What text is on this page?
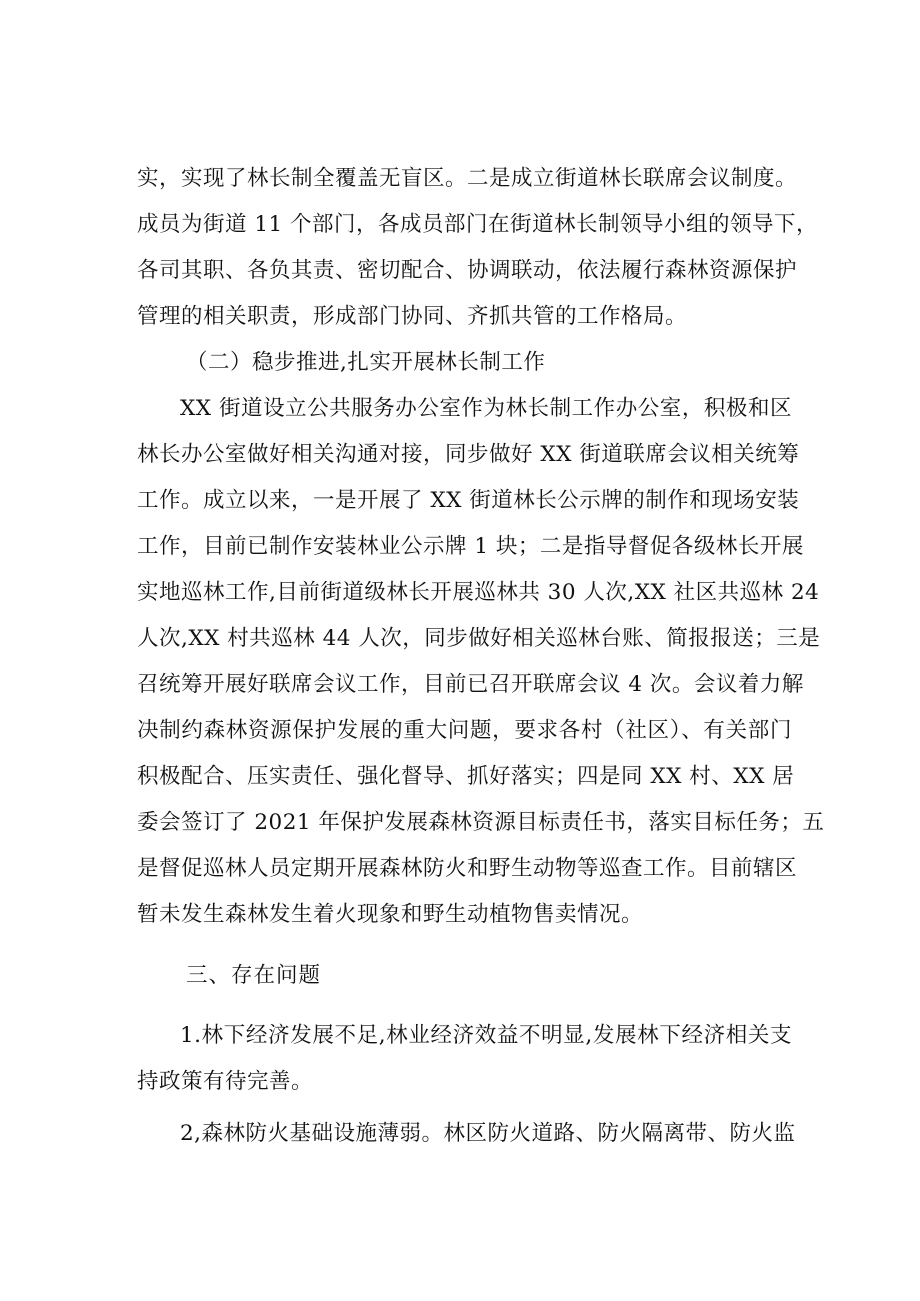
实，实现了林长制全覆盖无盲区。二是成立街道林长联席会议制度。
成员为街道 11 个部门，各成员部门在街道林长制领导小组的领导下，
各司其职、各负其责、密切配合、协调联动，依法履行森林资源保护
管理的相关职责，形成部门协同、齐抓共管的工作格局。
（二）稳步推进,扎实开展林长制工作
XX 街道设立公共服务办公室作为林长制工作办公室，积极和区
林长办公室做好相关沟通对接，同步做好 XX 街道联席会议相关统筹
工作。成立以来，一是开展了 XX 街道林长公示牌的制作和现场安装
工作，目前已制作安装林业公示牌 1 块；二是指导督促各级林长开展
实地巡林工作,目前街道级林长开展巡林共 30 人次,XX 社区共巡林 24
人次,XX 村共巡林 44 人次，同步做好相关巡林台账、简报报送；三是
召统筹开展好联席会议工作，目前已召开联席会议 4 次。会议着力解
决制约森林资源保护发展的重大问题，要求各村（社区）、有关部门
积极配合、压实责任、强化督导、抓好落实；四是同 XX 村、XX 居
委会签订了 2021 年保护发展森林资源目标责任书，落实目标任务；五
是督促巡林人员定期开展森林防火和野生动物等巡查工作。目前辖区
暂未发生森林发生着火现象和野生动植物售卖情况。
三、存在问题
1.林下经济发展不足,林业经济效益不明显,发展林下经济相关支
持政策有待完善。
2,森林防火基础设施薄弱。林区防火道路、防火隔离带、防火监
